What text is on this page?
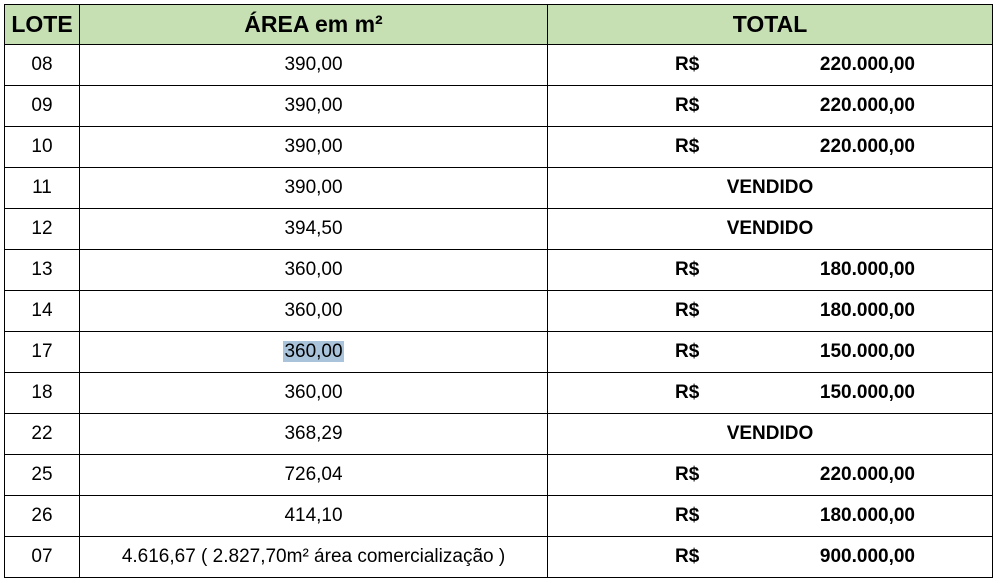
LOTE	ÁREA em m²	TOTAL
08	390,00	R$ 220.000,00
09	390,00	R$ 220.000,00
10	390,00	R$ 220.000,00
11	390,00	VENDIDO

12	394,50	VENDIDO

13	360,00	R$ 180.000,00
14	360,00	R$ 180.000,00
17	360,00	R$ 150.000,00
18	360,00	R$ 150.000,00
22	368,29	VENDIDO

25	726,04	R$ 220.000,00
26	414,10	R$ 180.000,00
07	4.616,67 ( 2.827,70m² área comercialização )	R$ 900.000,00
